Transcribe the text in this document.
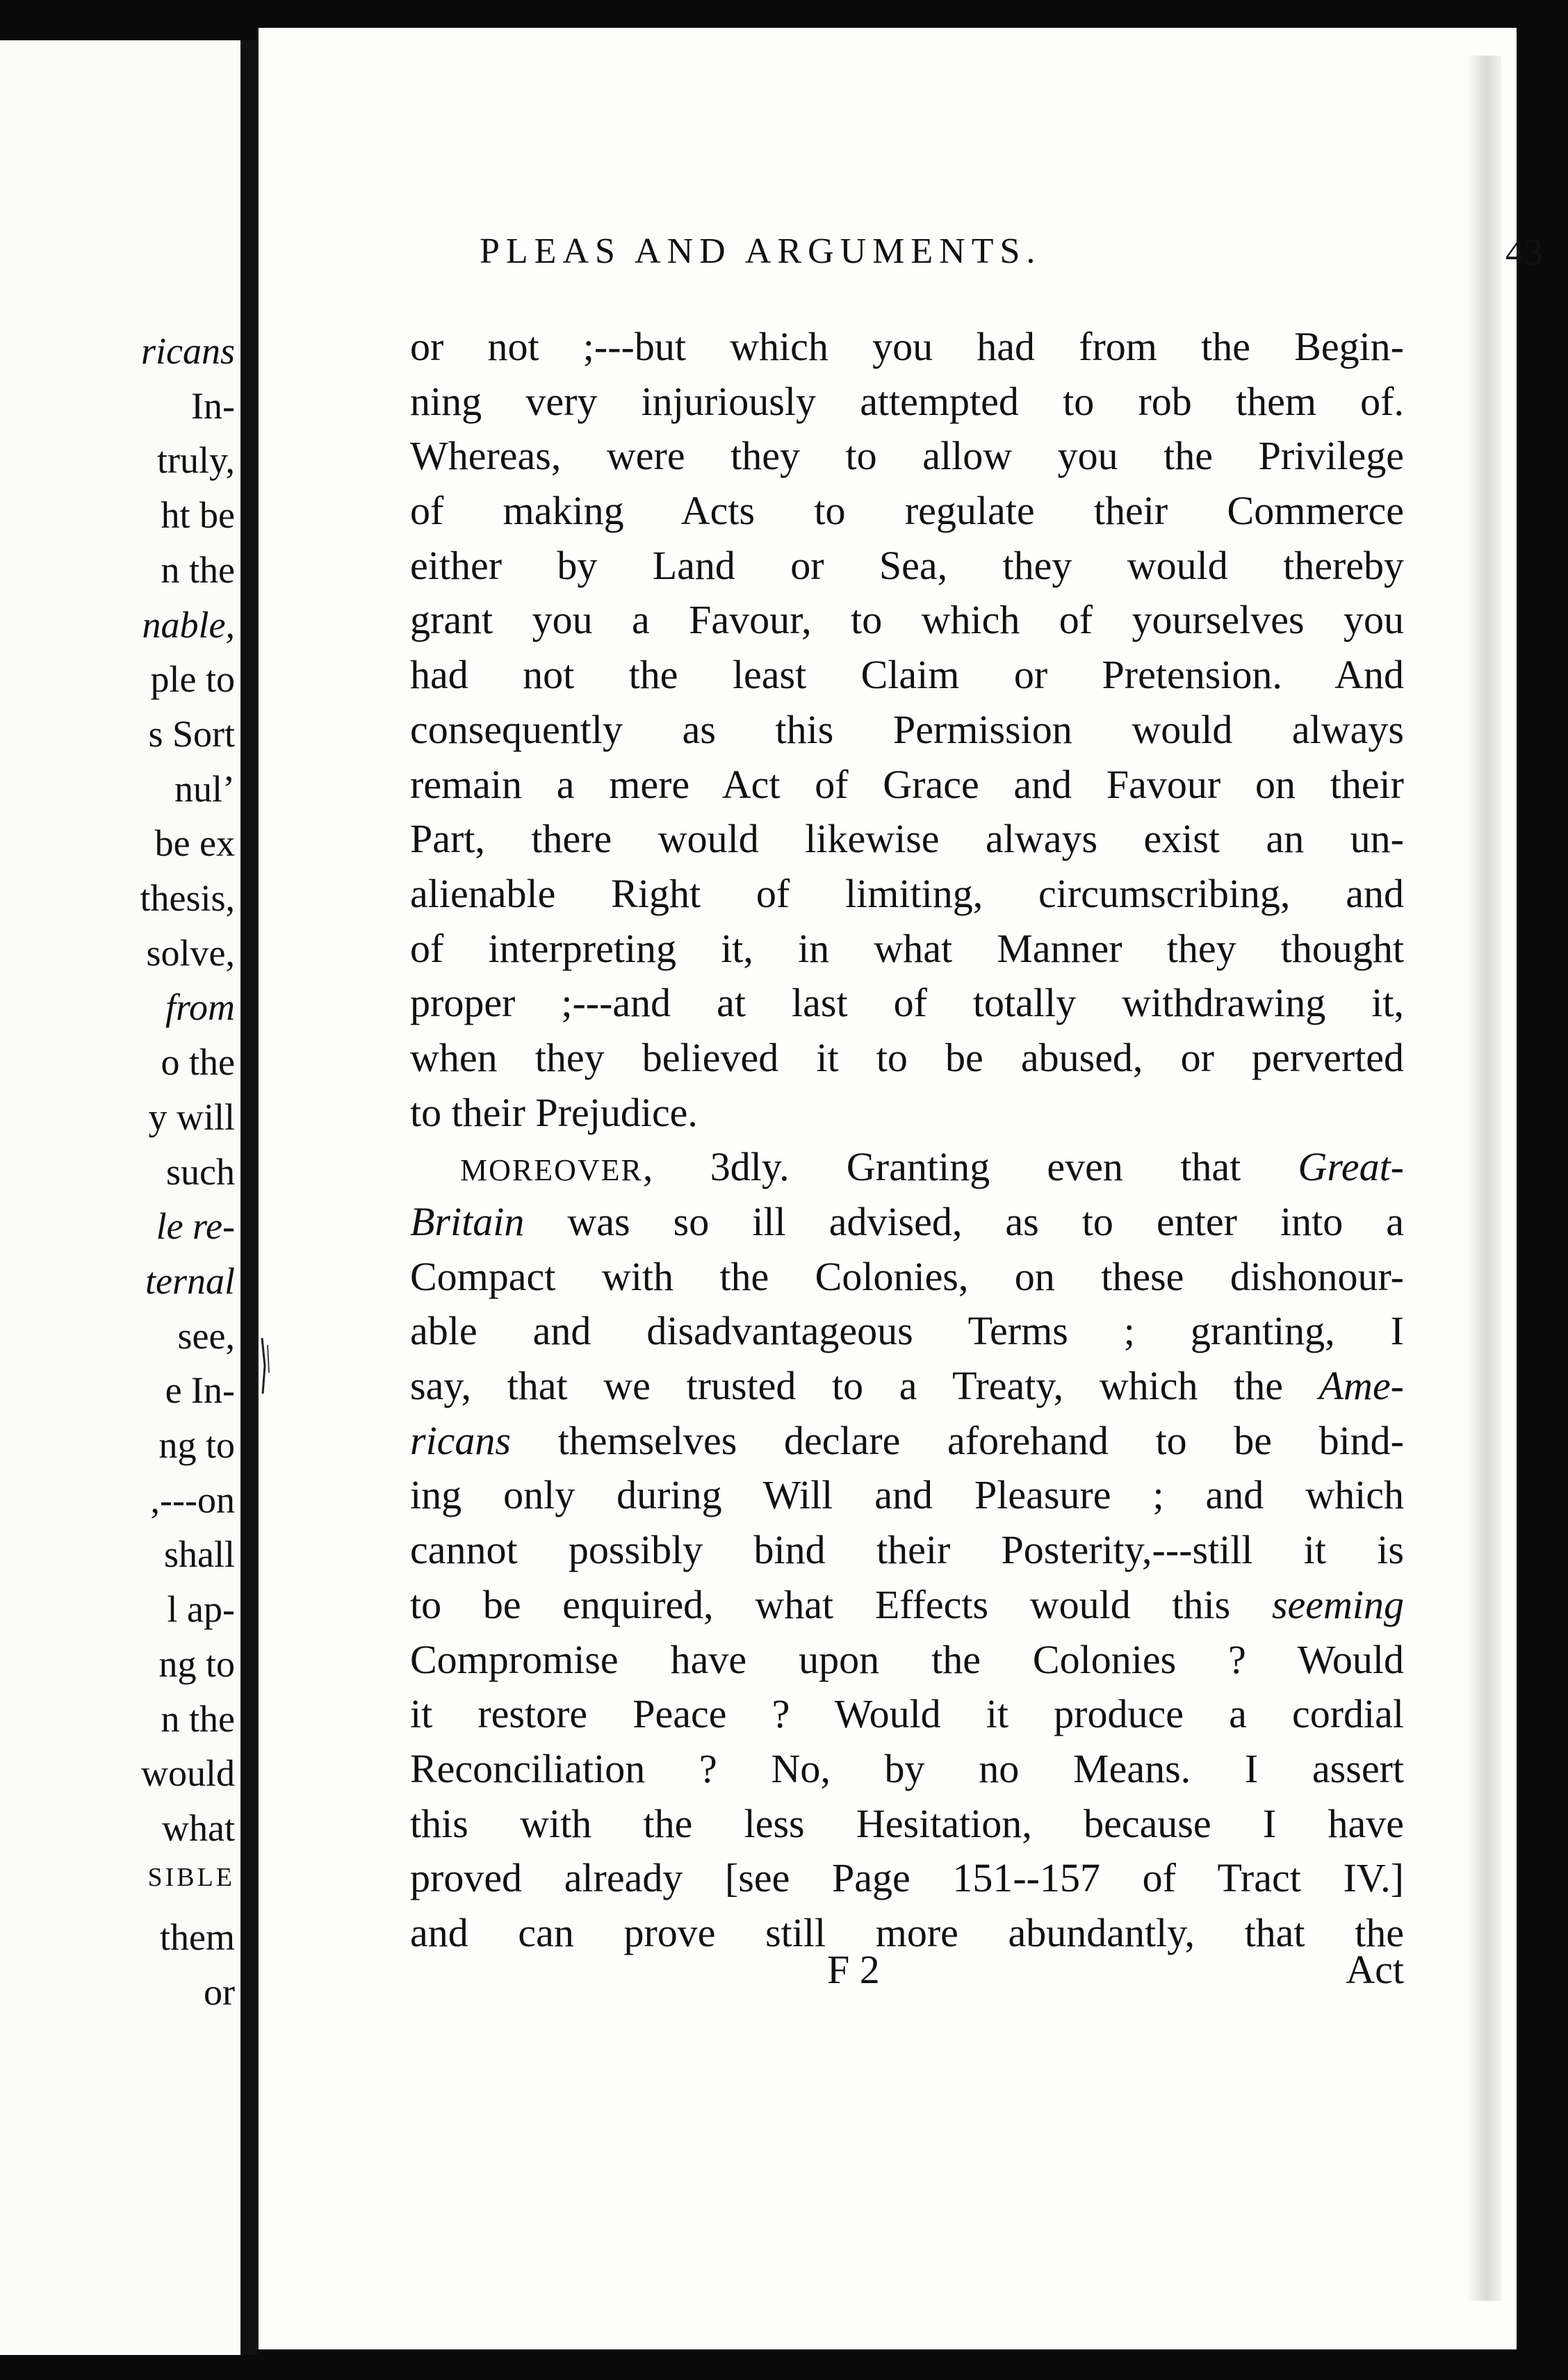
ricans
In-
truly,
ht be
n the
nable,
ple to
s Sort
nul’
be ex
thesis,
solve,
from
o the
y will
such
le re-
ternal
see,
e In-
ng to
,---on
shall
l ap-
ng to
n the
would
what
SIBLE
them
or
PLEAS AND ARGUMENTS.	43
or not ;---but which you had from the Begin-
ning very injuriously attempted to rob them of.
Whereas, were they to allow you the Privilege
of making Acts to regulate their Commerce
either by Land or Sea, they would thereby
grant you a Favour, to which of yourselves you
had not the least Claim or Pretension. And
consequently as this Permission would always
remain a mere Act of Grace and Favour on their
Part, there would likewise always exist an un-
alienable Right of limiting, circumscribing, and
of interpreting it, in what Manner they thought
proper ;---and at last of totally withdrawing it,
when they believed it to be abused, or perverted
to their Prejudice.
MOREOVER, 3dly. Granting even that Great-
Britain was so ill advised, as to enter into a
Compact with the Colonies, on these dishonour-
able and disadvantageous Terms ; granting, I
say, that we trusted to a Treaty, which the Ame-
ricans themselves declare aforehand to be bind-
ing only during Will and Pleasure ; and which
cannot possibly bind their Posterity,---still it is
to be enquired, what Effects would this seeming
Compromise have upon the Colonies ? Would
it restore Peace ? Would it produce a cordial
Reconciliation ? No, by no Means. I assert
this with the less Hesitation, because I have
proved already [see Page 151--157 of Tract IV.]
and can prove still more abundantly, that the
F 2	Act
